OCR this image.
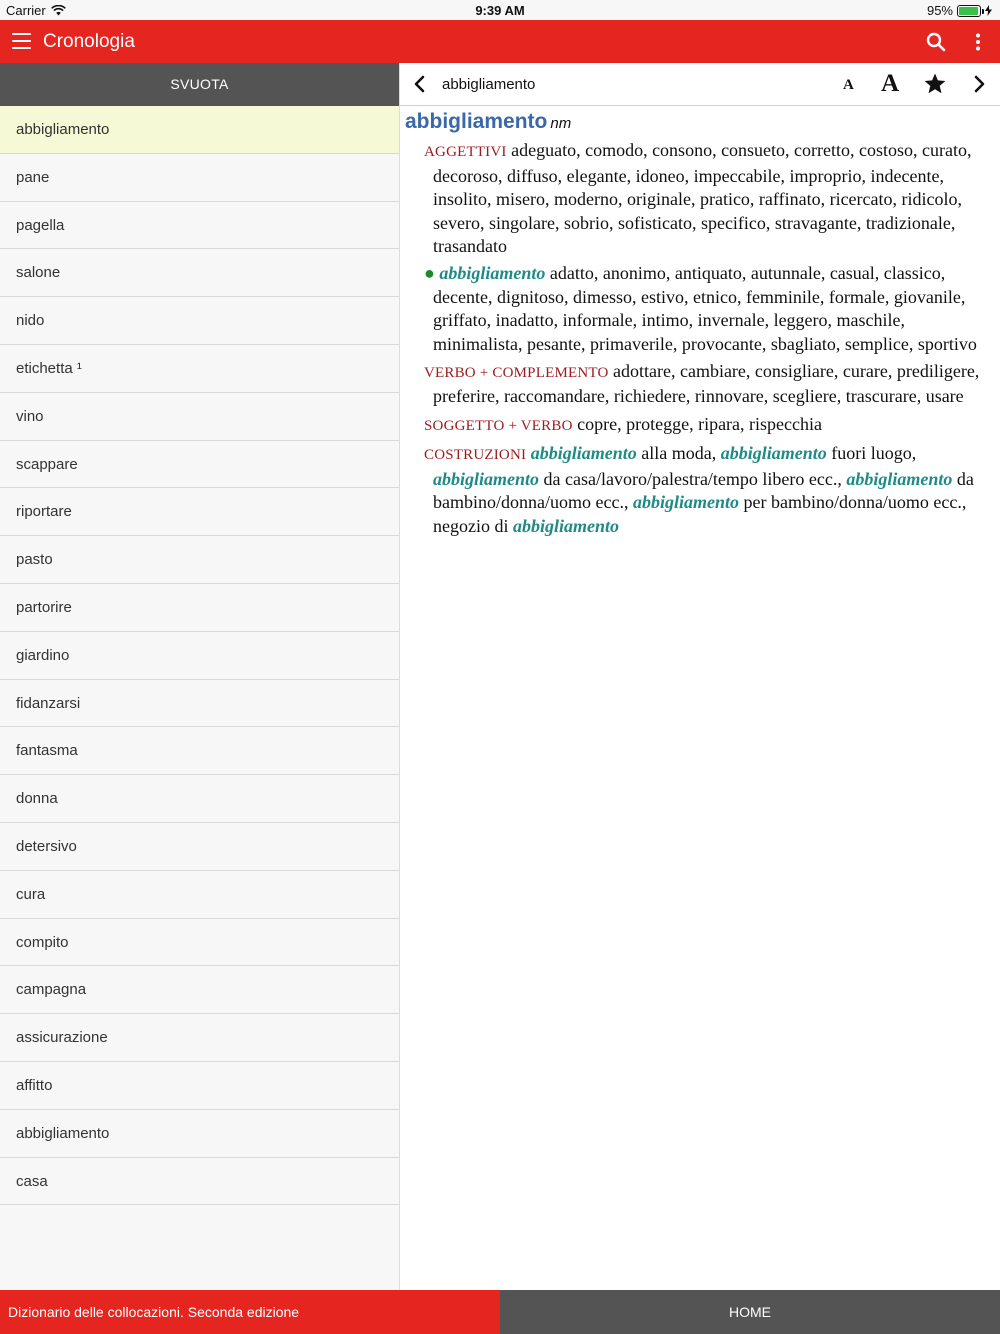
Carrier	9:39 AM	95%
Cronologia
SVUOTA
abbigliamento
pane
pagella
salone
nido
etichetta ¹
vino
scappare
riportare
pasto
partorire
giardino
fidanzarsi
fantasma
donna
detersivo
cura
compito
campagna
assicurazione
affitto
abbigliamento
casa
abbigliamento	A A
abbigliamento nm
AGGETTIVI adeguato, comodo, consono, consueto, corretto, costoso, curato, decoroso, diffuso, elegante, idoneo, impeccabile, improprio, indecente, insolito, misero, moderno, originale, pratico, raffinato, ricercato, ridicolo, severo, singolare, sobrio, sofisticato, specifico, stravagante, tradizionale, trasandato
● abbigliamento adatto, anonimo, antiquato, autunnale, casual, classico, decente, dignitoso, dimesso, estivo, etnico, femminile, formale, giovanile, griffato, inadatto, informale, intimo, invernale, leggero, maschile, minimalista, pesante, primaverile, provocante, sbagliato, semplice, sportivo
VERBO + COMPLEMENTO adottare, cambiare, consigliare, curare, prediligere, preferire, raccomandare, richiedere, rinnovare, scegliere, trascurare, usare
SOGGETTO + VERBO copre, protegge, ripara, rispecchia
COSTRUZIONI abbigliamento alla moda, abbigliamento fuori luogo, abbigliamento da casa/lavoro/palestra/tempo libero ecc., abbigliamento da bambino/donna/uomo ecc., abbigliamento per bambino/donna/uomo ecc., negozio di abbigliamento
Dizionario delle collocazioni. Seconda edizione	HOME
